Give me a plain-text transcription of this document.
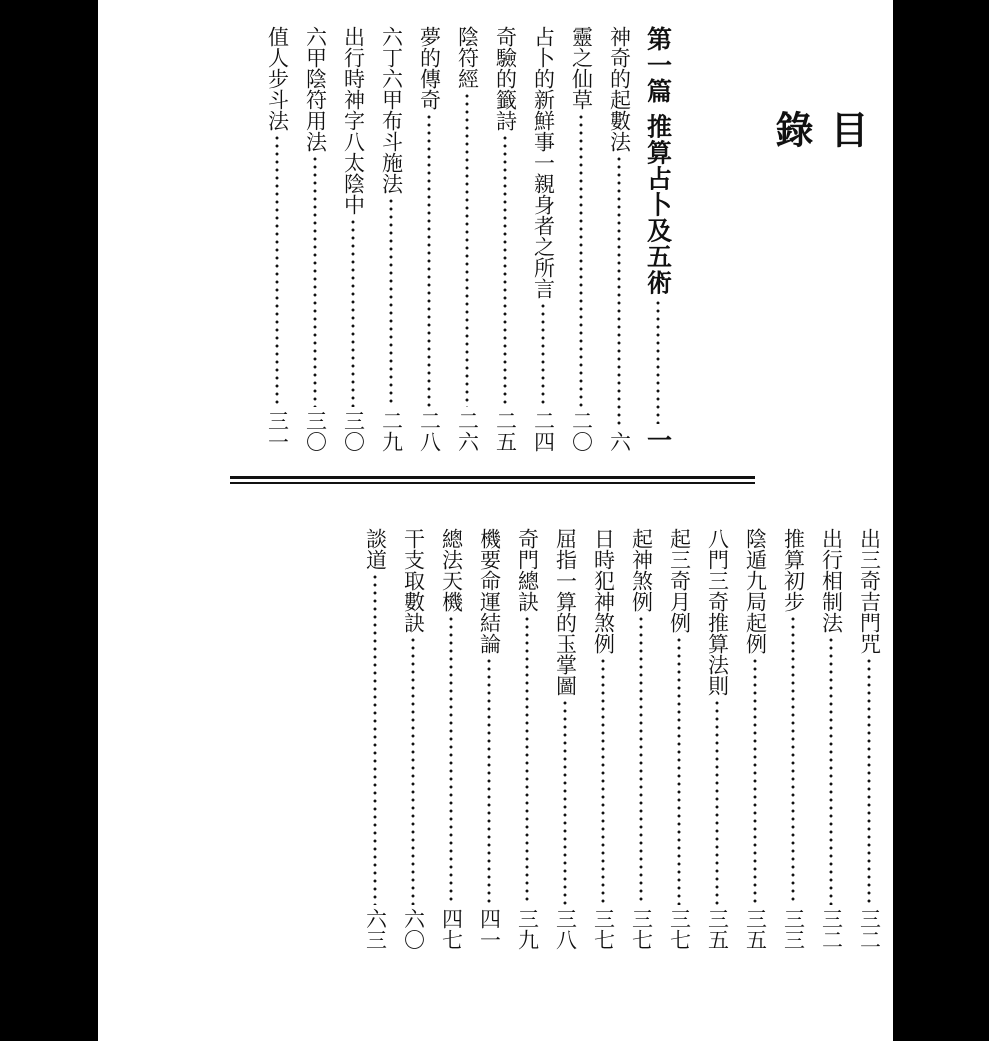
目錄
第一篇 推算占卜及五術
一
神奇的起數法
六
靈之仙草
二〇
占卜的新鮮事一親身者之所言
二四
奇驗的籤詩
二五
陰符經
二六
夢的傳奇
二八
六丁六甲布斗施法
二九
出行時神字八太陰中
三〇
六甲陰符用法
三〇
值人步斗法
三一
出三奇吉門咒
三二
出行相制法
三二
推算初步
三三
陰遁九局起例
三五
八門三奇推算法則
三五
起三奇月例
三七
起神煞例
三七
日時犯神煞例
三七
屈指一算的玉掌圖
三八
奇門總訣
三九
機要命運結論
四一
總法天機
四七
干支取數訣
六〇
談道
六三
